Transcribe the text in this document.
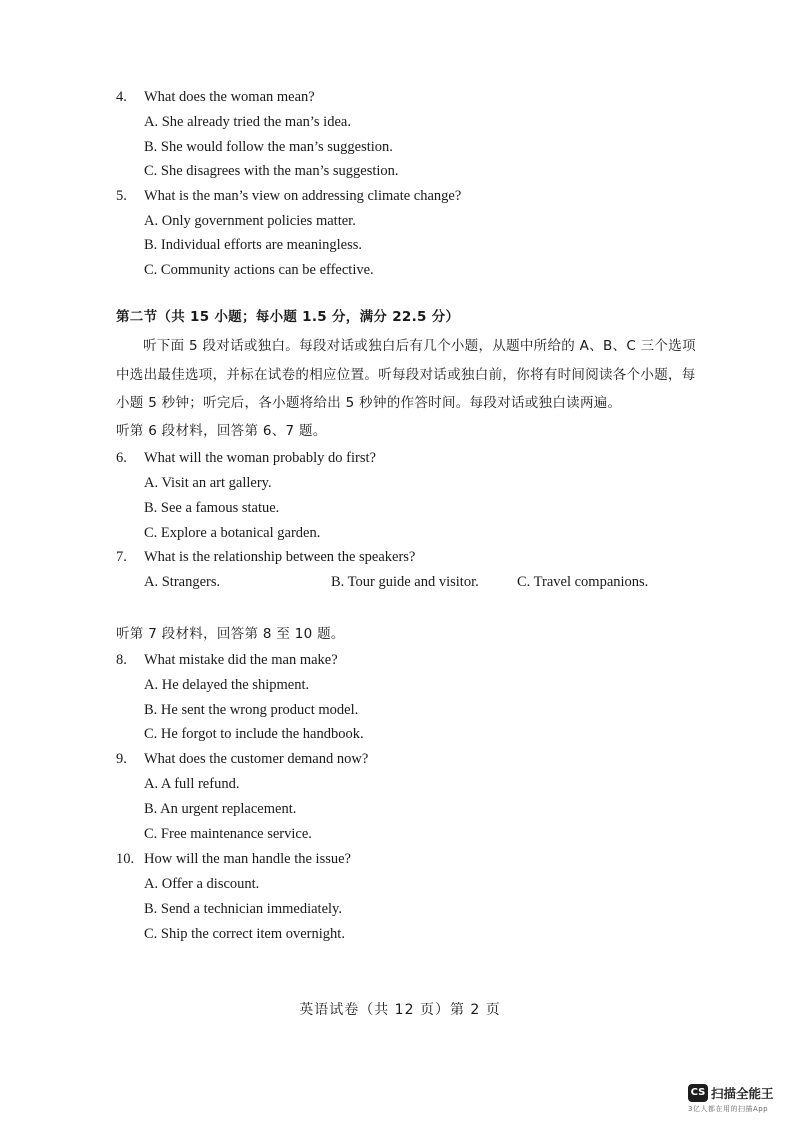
4. What does the woman mean?
A. She already tried the man’s idea.
B. She would follow the man’s suggestion.
C. She disagrees with the man’s suggestion.
5. What is the man’s view on addressing climate change?
A. Only government policies matter.
B. Individual efforts are meaningless.
C. Community actions can be effective.
第二节（共 15 小题；每小题 1.5 分，满分 22.5 分）
听下面 5 段对话或独白。每段对话或独白后有几个小题，从题中所给的 A、B、C 三个选项
中选出最佳选项，并标在试卷的相应位置。听每段对话或独白前，你将有时间阅读各个小题，每
小题 5 秒钟；听完后，各小题将给出 5 秒钟的作答时间。每段对话或独白读两遍。
听第 6 段材料，回答第 6、7 题。
6. What will the woman probably do first?
A. Visit an art gallery.
B. See a famous statue.
C. Explore a botanical garden.
7. What is the relationship between the speakers?
A. Strangers.	B. Tour guide and visitor.	C. Travel companions.
听第 7 段材料，回答第 8 至 10 题。
8. What mistake did the man make?
A. He delayed the shipment.
B. He sent the wrong product model.
C. He forgot to include the handbook.
9. What does the customer demand now?
A. A full refund.
B. An urgent replacement.
C. Free maintenance service.
10. How will the man handle the issue?
A. Offer a discount.
B. Send a technician immediately.
C. Ship the correct item overnight.
英语试卷（共 12 页）第 2 页
CS 扫描全能王
3亿人都在用的扫描App
